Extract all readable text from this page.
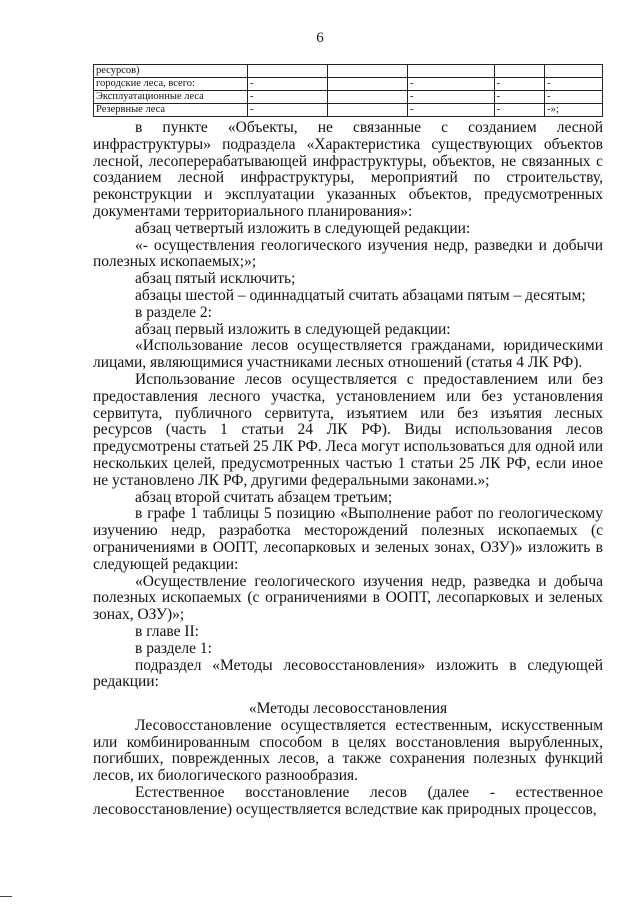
6
ресурсов)					
городские леса, всего:	-		-	-	-
Эксплуатационные леса	-		-	-	-
Резервные леса	-		-	-	-»;

в пункте «Объекты, не связанные с созданием лесной инфраструктуры» подраздела «Характеристика существующих объектов лесной, лесоперерабатывающей инфраструктуры, объектов, не связанных с созданием лесной инфраструктуры, мероприятий по строительству, реконструкции и эксплуатации указанных объектов, предусмотренных документами территориального планирования»:

абзац четвертый изложить в следующей редакции:

«- осуществления геологического изучения недр, разведки и добычи полезных ископаемых;»;

абзац пятый исключить;

абзацы шестой – одиннадцатый считать абзацами пятым – десятым;

в разделе 2:

абзац первый изложить в следующей редакции:

«Использование лесов осуществляется гражданами, юридическими лицами, являющимися участниками лесных отношений (статья 4 ЛК РФ).

Использование лесов осуществляется с предоставлением или без предоставления лесного участка, установлением или без установления сервитута, публичного сервитута, изъятием или без изъятия лесных ресурсов (часть 1 статьи 24 ЛК РФ). Виды использования лесов предусмотрены статьей 25 ЛК РФ. Леса могут использоваться для одной или нескольких целей, предусмотренных частью 1 статьи 25 ЛК РФ, если иное не установлено ЛК РФ, другими федеральными законами.»;

абзац второй считать абзацем третьим;

в графе 1 таблицы 5 позицию «Выполнение работ по геологическому изучению недр, разработка месторождений полезных ископаемых (с ограничениями в ООПТ, лесопарковых и зеленых зонах, ОЗУ)» изложить в следующей редакции:

«Осуществление геологического изучения недр, разведка и добыча полезных ископаемых (с ограничениями в ООПТ, лесопарковых и зеленых зонах, ОЗУ)»;

в главе II:

в разделе 1:

подраздел «Методы лесовосстановления» изложить в следующей редакции:

«Методы лесовосстановления

Лесовосстановление осуществляется естественным, искусственным или комбинированным способом в целях восстановления вырубленных, погибших, поврежденных лесов, а также сохранения полезных функций лесов, их биологического разнообразия.

Естественное восстановление лесов (далее - естественное лесовосстановление) осуществляется вследствие как природных процессов,
